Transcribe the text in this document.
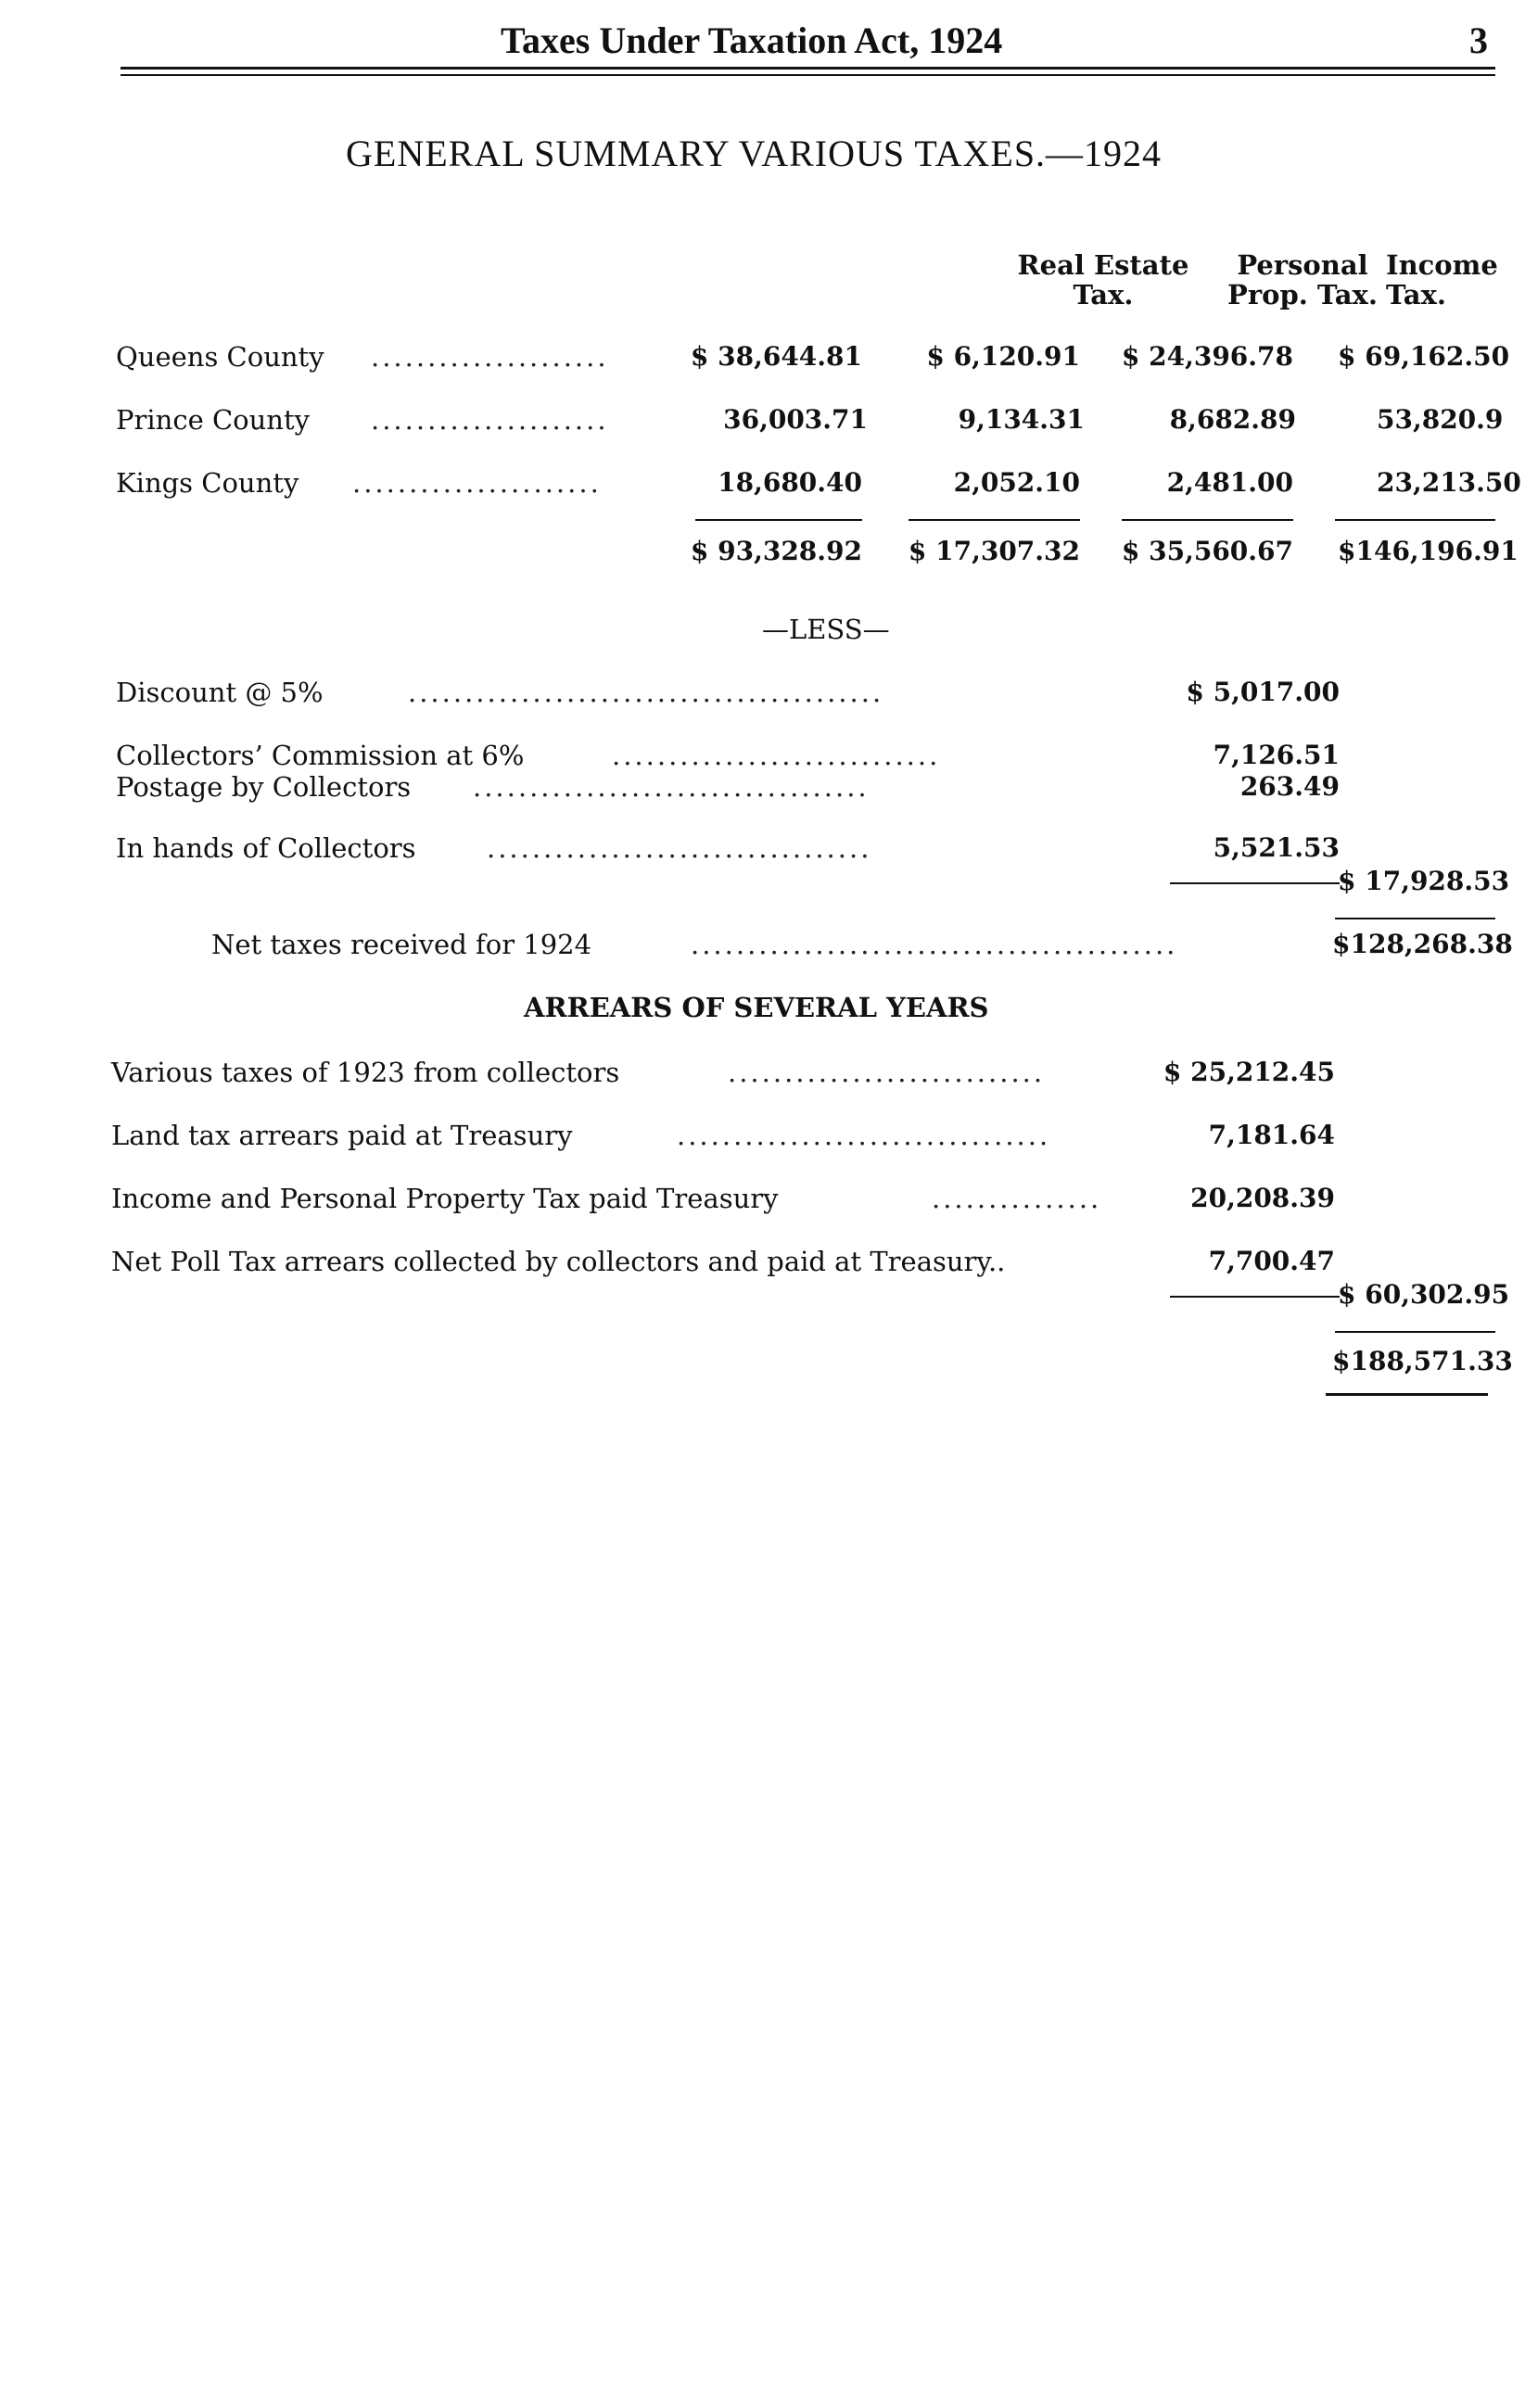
Taxes Under Taxation Act, 1924	3
GENERAL SUMMARY VARIOUS TAXES.—1924
Real Estate Tax.
Personal Prop. Tax.
Income Tax.
Queens County .....................	$ 38,644.81	$ 6,120.91	$ 24,396.78 $ 69,162.50
Prince County .....................	36,003.71	9,134.31	8,682.89	53,820.9
Kings County ......................	18,680.40	2,052.10	2,481.00	23,213.50
$ 93,328.92	$ 17,307.32	$ 35,560.67 $146,196.91
—LESS—
Discount @ 5%	..........................................	$ 5,017.00
Collectors’ Commission at 6%	.............................	7,126.51
Postage by Collectors ...................................	263.49
In hands of Collectors	..................................	5,521.53
$ 17,928.53
Net taxes received for 1924	...........................................	$128,268.38
ARREARS OF SEVERAL YEARS
Various taxes of 1923 from collectors	............................	$ 25,212.45
Land tax arrears paid at Treasury	.................................	7,181.64
Income and Personal Property Tax paid Treasury	...............	20,208.39
Net Poll Tax arrears collected by collectors and paid at Treasury..	7,700.47
$ 60,302.95
$188,571.33
